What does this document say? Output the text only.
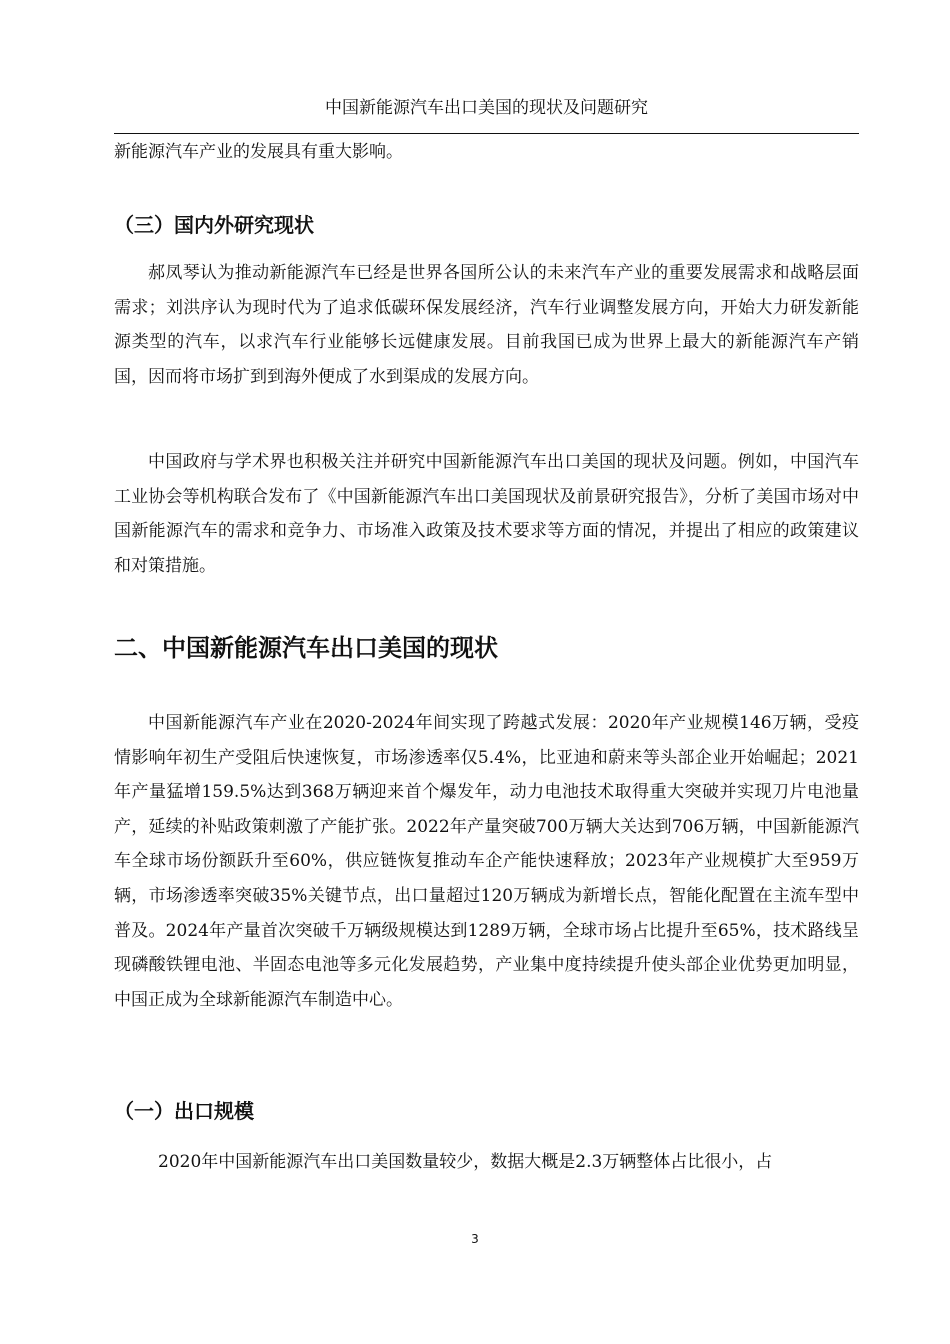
中国新能源汽车出口美国的现状及问题研究

新能源汽车产业的发展具有重大影响。

（三）国内外研究现状

郝凤琴认为推动新能源汽车已经是世界各国所公认的未来汽车产业的重要发展需求和战略层面需求；刘洪序认为现时代为了追求低碳环保发展经济，汽车行业调整发展方向，开始大力研发新能源类型的汽车，以求汽车行业能够长远健康发展。目前我国已成为世界上最大的新能源汽车产销国，因而将市场扩到到海外便成了水到渠成的发展方向。

中国政府与学术界也积极关注并研究中国新能源汽车出口美国的现状及问题。例如，中国汽车工业协会等机构联合发布了《中国新能源汽车出口美国现状及前景研究报告》，分析了美国市场对中国新能源汽车的需求和竞争力、市场准入政策及技术要求等方面的情况，并提出了相应的政策建议和对策措施。

二、中国新能源汽车出口美国的现状

中国新能源汽车产业在2020-2024年间实现了跨越式发展：2020年产业规模146万辆，受疫情影响年初生产受阻后快速恢复，市场渗透率仅5.4%，比亚迪和蔚来等头部企业开始崛起；2021年产量猛增159.5%达到368万辆迎来首个爆发年，动力电池技术取得重大突破并实现刀片电池量产，延续的补贴政策刺激了产能扩张。2022年产量突破700万辆大关达到706万辆，中国新能源汽车全球市场份额跃升至60%，供应链恢复推动车企产能快速释放；2023年产业规模扩大至959万辆，市场渗透率突破35%关键节点，出口量超过120万辆成为新增长点，智能化配置在主流车型中普及。2024年产量首次突破千万辆级规模达到1289万辆，全球市场占比提升至65%，技术路线呈现磷酸铁锂电池、半固态电池等多元化发展趋势，产业集中度持续提升使头部企业优势更加明显，中国正成为全球新能源汽车制造中心。

（一）出口规模

2020年中国新能源汽车出口美国数量较少，数据大概是2.3万辆整体占比很小，占

3
